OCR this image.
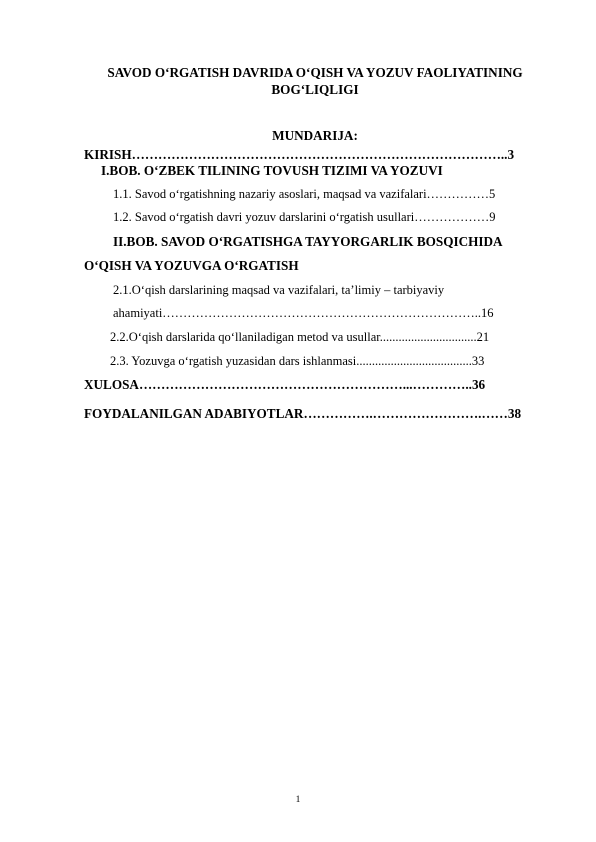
SAVOD O‘RGATISH DAVRIDA O‘QISH VA YOZUV FAOLIYATINING
BOG‘LIQLIGI
MUNDARIJA:
KIRISH…………………………………………………………………………..3
I.BOB. O‘ZBEK TILINING TOVUSH TIZIMI VA YOZUVI
1.1. Savod o‘rgatishning nazariy asoslari, maqsad va vazifalari……………5
1.2. Savod o‘rgatish davri yozuv darslarini o‘rgatish usullari………………9
II.BOB. SAVOD O‘RGATISHGA TAYYORGARLIK BOSQICHIDA
O‘QISH VA YOZUVGA O‘RGATISH
2.1.O‘qish darslarining maqsad va vazifalari, ta’limiy – tarbiyaviy
ahamiyati…………………………………………………………………..16
2.2.O‘qish darslarida qo‘llaniladigan metod va usullar...............................21
2.3. Yozuvga o‘rgatish yuzasidan dars ishlanmasi.....................................33
XULOSA……………………………………………………...…………..36
FOYDALANILGAN ADABIYOTLAR…………….…………………….……38
1
